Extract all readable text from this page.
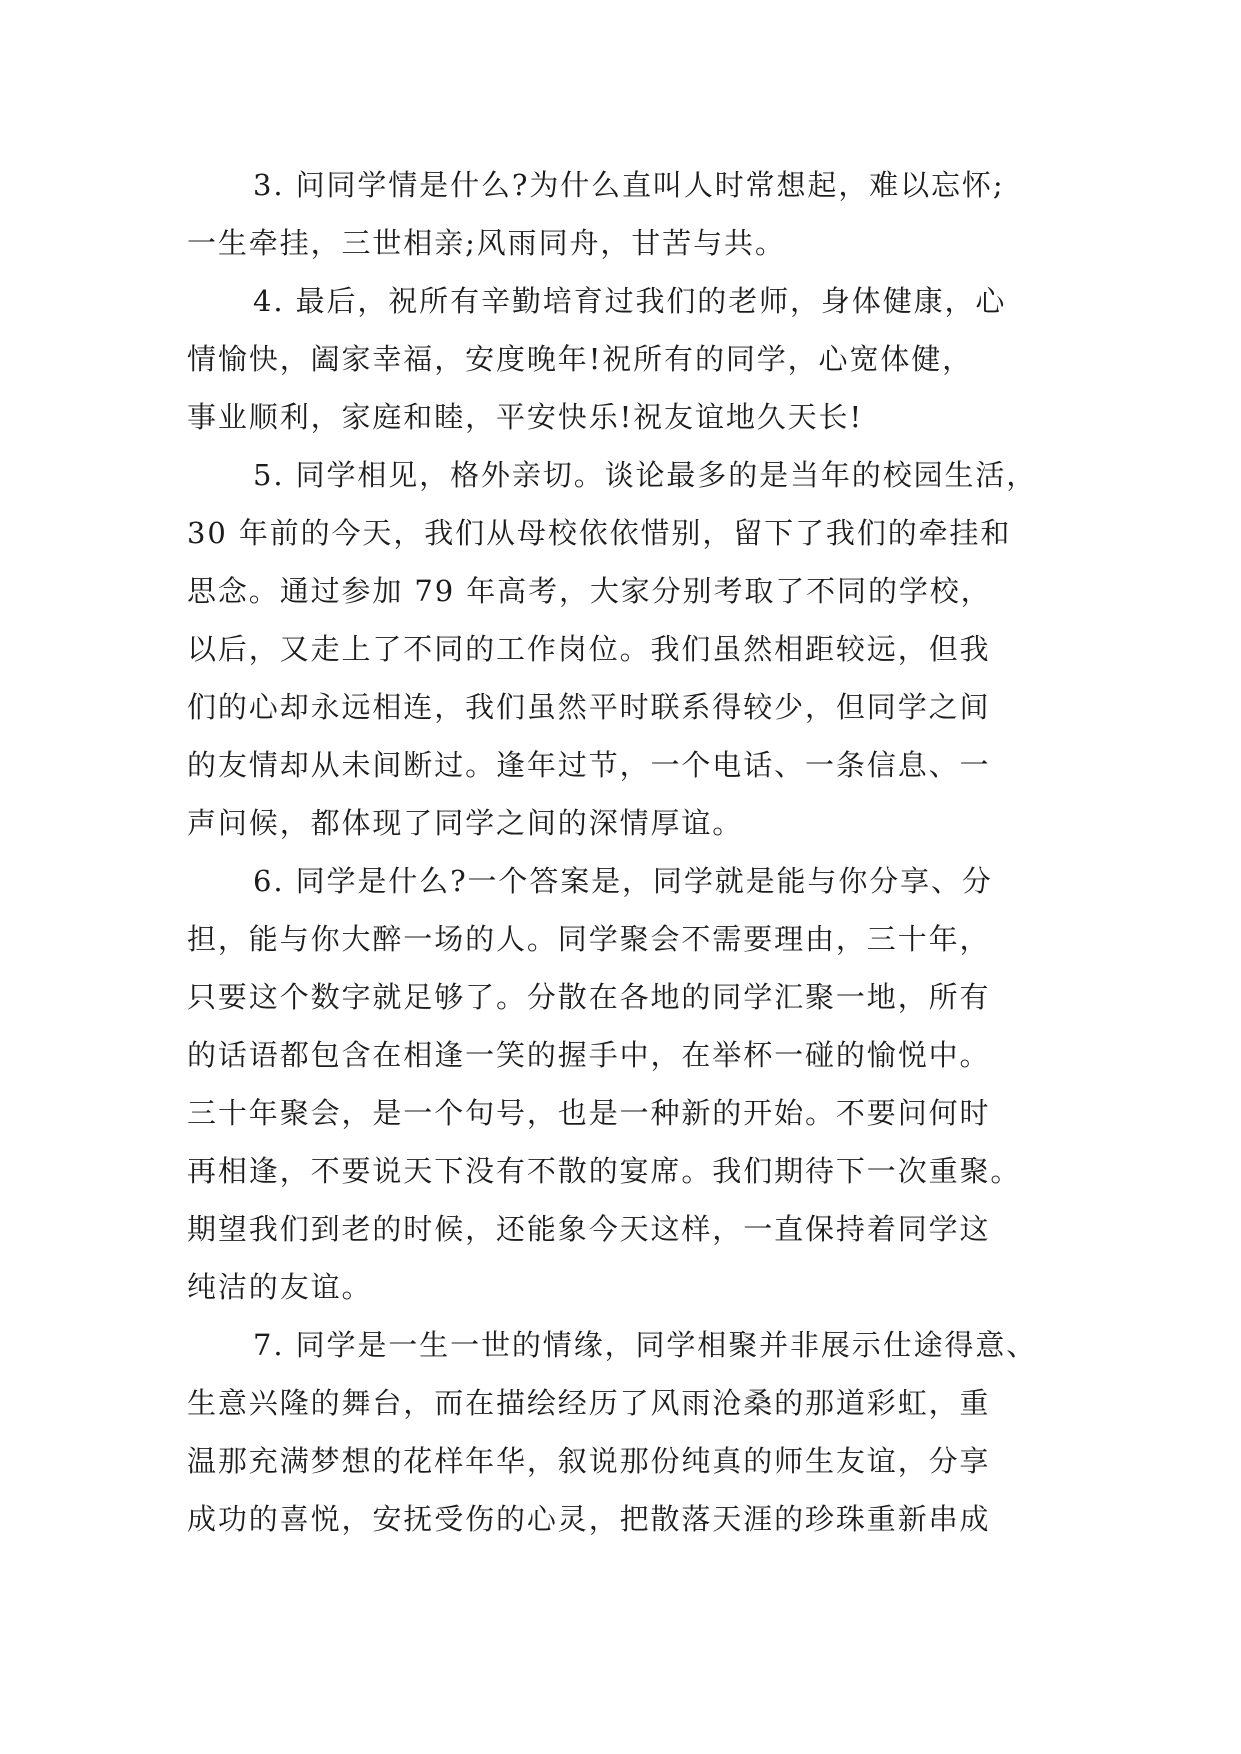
3. 问同学情是什么?为什么直叫人时常想起，难以忘怀;
一生牵挂，三世相亲;风雨同舟，甘苦与共。
4. 最后，祝所有辛勤培育过我们的老师，身体健康，心
情愉快，阖家幸福，安度晚年!祝所有的同学，心宽体健，
事业顺利，家庭和睦，平安快乐!祝友谊地久天长!
5. 同学相见，格外亲切。谈论最多的是当年的校园生活，
30 年前的今天，我们从母校依依惜别，留下了我们的牵挂和
思念。通过参加 79 年高考，大家分别考取了不同的学校，
以后，又走上了不同的工作岗位。我们虽然相距较远，但我
们的心却永远相连，我们虽然平时联系得较少，但同学之间
的友情却从未间断过。逢年过节，一个电话、一条信息、一
声问候，都体现了同学之间的深情厚谊。
6. 同学是什么?一个答案是，同学就是能与你分享、分
担，能与你大醉一场的人。同学聚会不需要理由，三十年，
只要这个数字就足够了。分散在各地的同学汇聚一地，所有
的话语都包含在相逢一笑的握手中，在举杯一碰的愉悦中。
三十年聚会，是一个句号，也是一种新的开始。不要问何时
再相逢，不要说天下没有不散的宴席。我们期待下一次重聚。
期望我们到老的时候，还能象今天这样，一直保持着同学这
纯洁的友谊。
7. 同学是一生一世的情缘，同学相聚并非展示仕途得意、
生意兴隆的舞台，而在描绘经历了风雨沧桑的那道彩虹，重
温那充满梦想的花样年华，叙说那份纯真的师生友谊，分享
成功的喜悦，安抚受伤的心灵，把散落天涯的珍珠重新串成
